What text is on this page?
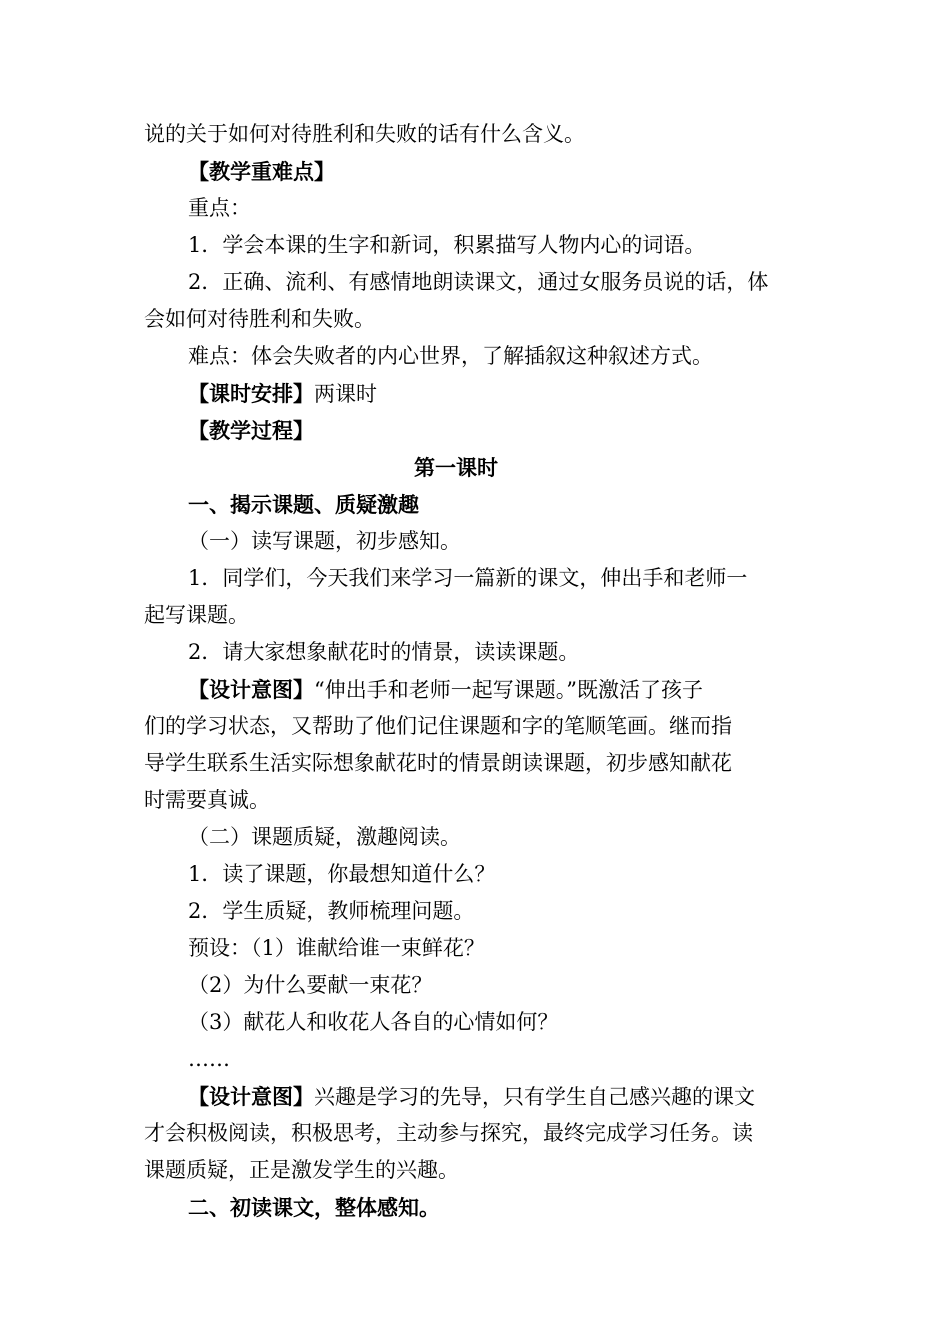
说的关于如何对待胜利和失败的话有什么含义。
【教学重难点】
重点：
1．学会本课的生字和新词，积累描写人物内心的词语。
2．正确、流利、有感情地朗读课文，通过女服务员说的话，体
会如何对待胜利和失败。
难点：体会失败者的内心世界，了解插叙这种叙述方式。
【课时安排】两课时
【教学过程】
第一课时
一、揭示课题、质疑激趣
（一）读写课题，初步感知。
1．同学们，今天我们来学习一篇新的课文，伸出手和老师一
起写课题。
2．请大家想象献花时的情景，读读课题。
【设计意图】“伸出手和老师一起写课题。”既激活了孩子
们的学习状态，又帮助了他们记住课题和字的笔顺笔画。继而指
导学生联系生活实际想象献花时的情景朗读课题，初步感知献花
时需要真诚。
（二）课题质疑，激趣阅读。
1．读了课题，你最想知道什么？
2．学生质疑，教师梳理问题。
预设：（1）谁献给谁一束鲜花？
（2）为什么要献一束花？
（3）献花人和收花人各自的心情如何？
……
【设计意图】兴趣是学习的先导，只有学生自己感兴趣的课文
才会积极阅读，积极思考，主动参与探究，最终完成学习任务。读
课题质疑，正是激发学生的兴趣。
二、初读课文，整体感知。
